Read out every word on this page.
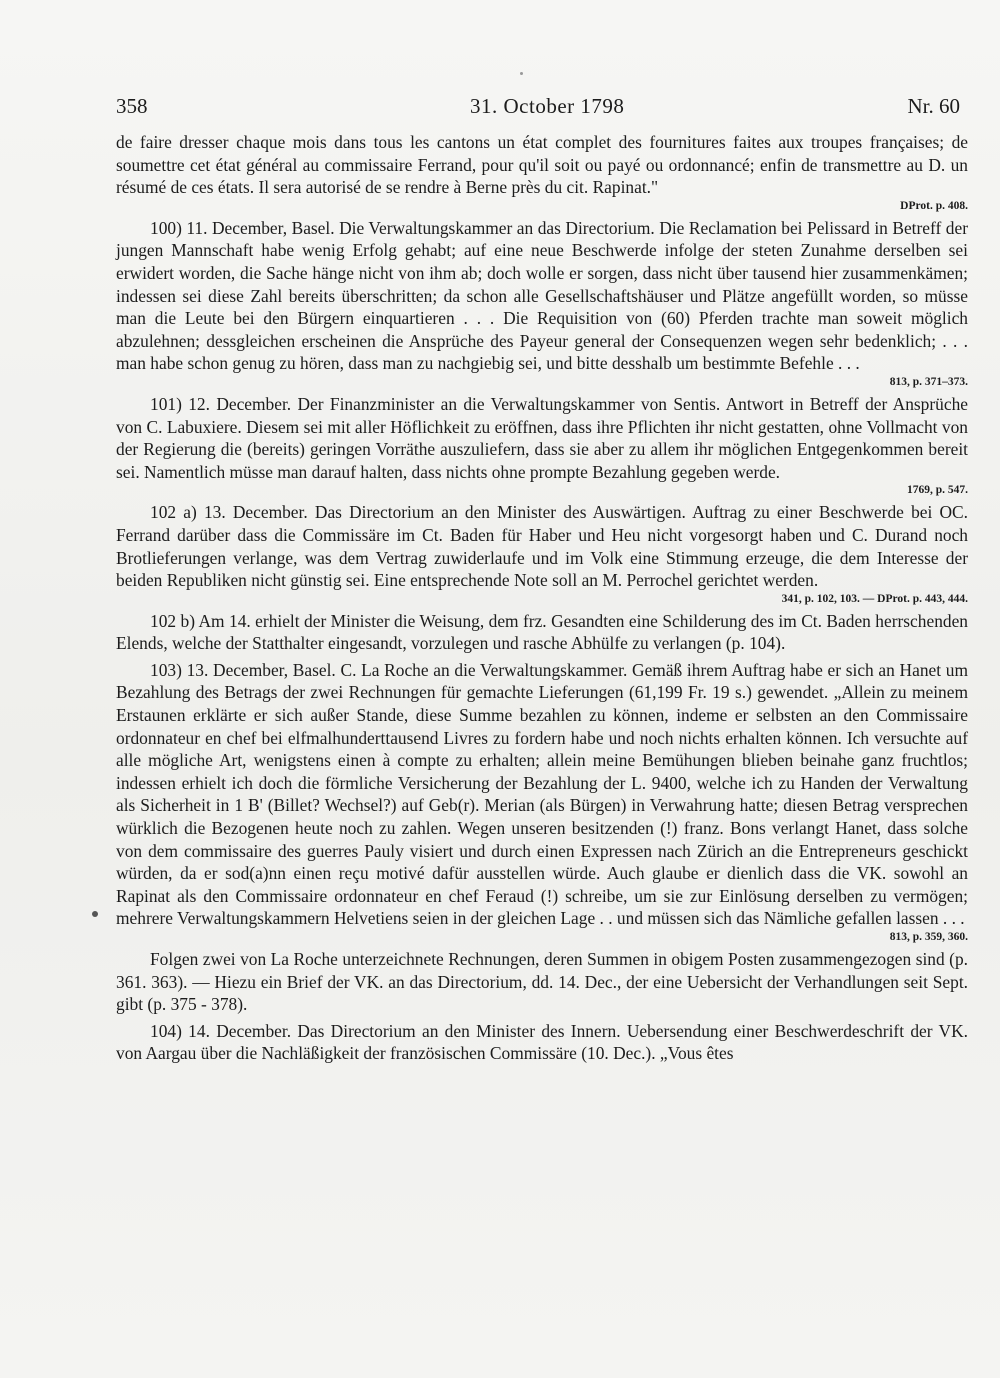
358	31. October 1798	Nr. 60

de faire dresser chaque mois dans tous les cantons un état complet des fournitures faites aux troupes françaises; de soumettre cet état général au commissaire Ferrand, pour qu'il soit ou payé ou ordonnancé; enfin de transmettre au D. un résumé de ces états. Il sera autorisé de se rendre à Berne près du cit. Rapinat."

DProt. p. 408.

100) 11. December, Basel. Die Verwaltungskammer an das Directorium. Die Reclamation bei Pelissard in Betreff der jungen Mannschaft habe wenig Erfolg gehabt; auf eine neue Beschwerde infolge der steten Zunahme derselben sei erwidert worden, die Sache hänge nicht von ihm ab; doch wolle er sorgen, dass nicht über tausend hier zusammenkämen; indessen sei diese Zahl bereits überschritten; da schon alle Gesellschaftshäuser und Plätze angefüllt worden, so müsse man die Leute bei den Bürgern einquartieren . . . Die Requisition von (60) Pferden trachte man soweit möglich abzulehnen; dessgleichen erscheinen die Ansprüche des Payeur general der Consequenzen wegen sehr bedenklich; . . . man habe schon genug zu hören, dass man zu nachgiebig sei, und bitte desshalb um bestimmte Befehle . . .

813, p. 371–373.

101) 12. December. Der Finanzminister an die Verwaltungskammer von Sentis. Antwort in Betreff der Ansprüche von C. Labuxiere. Diesem sei mit aller Höflichkeit zu eröffnen, dass ihre Pflichten ihr nicht gestatten, ohne Vollmacht von der Regierung die (bereits) geringen Vorräthe auszuliefern, dass sie aber zu allem ihr möglichen Entgegenkommen bereit sei. Namentlich müsse man darauf halten, dass nichts ohne prompte Bezahlung gegeben werde.

1769, p. 547.

102 a) 13. December. Das Directorium an den Minister des Auswärtigen. Auftrag zu einer Beschwerde bei OC. Ferrand darüber dass die Commissäre im Ct. Baden für Haber und Heu nicht vorgesorgt haben und C. Durand noch Brotlieferungen verlange, was dem Vertrag zuwiderlaufe und im Volk eine Stimmung erzeuge, die dem Interesse der beiden Republiken nicht günstig sei. Eine entsprechende Note soll an M. Perrochel gerichtet werden.

341, p. 102, 103. — DProt. p. 443, 444.

102 b) Am 14. erhielt der Minister die Weisung, dem frz. Gesandten eine Schilderung des im Ct. Baden herrschenden Elends, welche der Statthalter eingesandt, vorzulegen und rasche Abhülfe zu verlangen (p. 104).

103) 13. December, Basel. C. La Roche an die Verwaltungskammer. Gemäß ihrem Auftrag habe er sich an Hanet um Bezahlung des Betrags der zwei Rechnungen für gemachte Lieferungen (61,199 Fr. 19 s.) gewendet. „Allein zu meinem Erstaunen erklärte er sich außer Stande, diese Summe bezahlen zu können, indeme er selbsten an den Commissaire ordonnateur en chef bei elfmalhunderttausend Livres zu fordern habe und noch nichts erhalten können. Ich versuchte auf alle mögliche Art, wenigstens einen à compte zu erhalten; allein meine Bemühungen blieben beinahe ganz fruchtlos; indessen erhielt ich doch die förmliche Versicherung der Bezahlung der L. 9400, welche ich zu Handen der Verwaltung als Sicherheit in 1 B' (Billet? Wechsel?) auf Geb(r). Merian (als Bürgen) in Verwahrung hatte; diesen Betrag versprechen würklich die Bezogenen heute noch zu zahlen. Wegen unseren besitzenden (!) franz. Bons verlangt Hanet, dass solche von dem commissaire des guerres Pauly visiert und durch einen Expressen nach Zürich an die Entrepreneurs geschickt würden, da er sod(a)nn einen reçu motivé dafür ausstellen würde. Auch glaube er dienlich dass die VK. sowohl an Rapinat als den Commissaire ordonnateur en chef Feraud (!) schreibe, um sie zur Einlösung derselben zu vermögen; mehrere Verwaltungskammern Helvetiens seien in der gleichen Lage . . und müssen sich das Nämliche gefallen lassen . . .

813, p. 359, 360.

Folgen zwei von La Roche unterzeichnete Rechnungen, deren Summen in obigem Posten zusammengezogen sind (p. 361. 363). — Hiezu ein Brief der VK. an das Directorium, dd. 14. Dec., der eine Uebersicht der Verhandlungen seit Sept. gibt (p. 375 - 378).

104) 14. December. Das Directorium an den Minister des Innern. Uebersendung einer Beschwerdeschrift der VK. von Aargau über die Nachläßigkeit der französischen Commissäre (10. Dec.). „Vous êtes
